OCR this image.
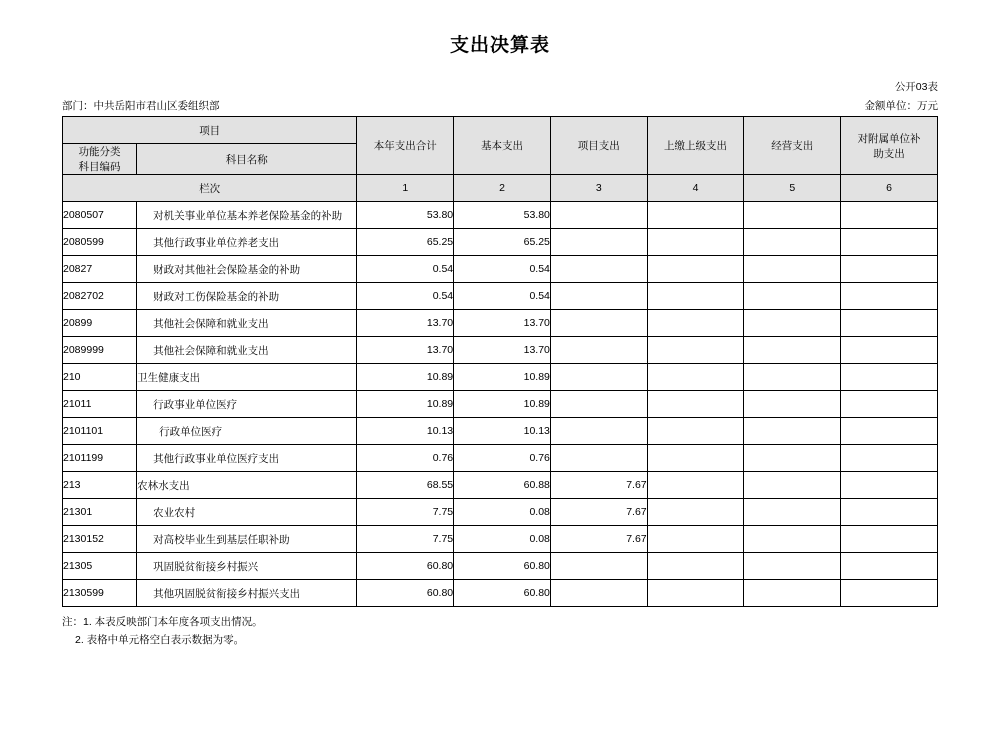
支出决算表
公开03表
部门：中共岳阳市君山区委组织部	金额单位：万元
项目		本年支出合计	基本支出	项目支出	上缴上级支出	经营支出	对附属单位补
助支出

功能分类
科目编码	科目名称						
栏次		1	2	3	4	5	6
2080507	对机关事业单位基本养老保险基金的补助	53.80	53.80				
2080599	其他行政事业单位养老支出	65.25	65.25				
20827	财政对其他社会保险基金的补助	0.54	0.54				
2082702	财政对工伤保险基金的补助	0.54	0.54				
20899	其他社会保障和就业支出	13.70	13.70				
2089999	其他社会保障和就业支出	13.70	13.70				
210	卫生健康支出	10.89	10.89				
21011	行政事业单位医疗	10.89	10.89				
2101101	行政单位医疗	10.13	10.13				
2101199	其他行政事业单位医疗支出	0.76	0.76				
213	农林水支出	68.55	60.88	7.67			
21301	农业农村	7.75	0.08	7.67			
2130152	对高校毕业生到基层任职补助	7.75	0.08	7.67			
21305	巩固脱贫衔接乡村振兴	60.80	60.80				
2130599	其他巩固脱贫衔接乡村振兴支出	60.80	60.80				
注：1. 本表反映部门本年度各项支出情况。
2. 表格中单元格空白表示数据为零。
